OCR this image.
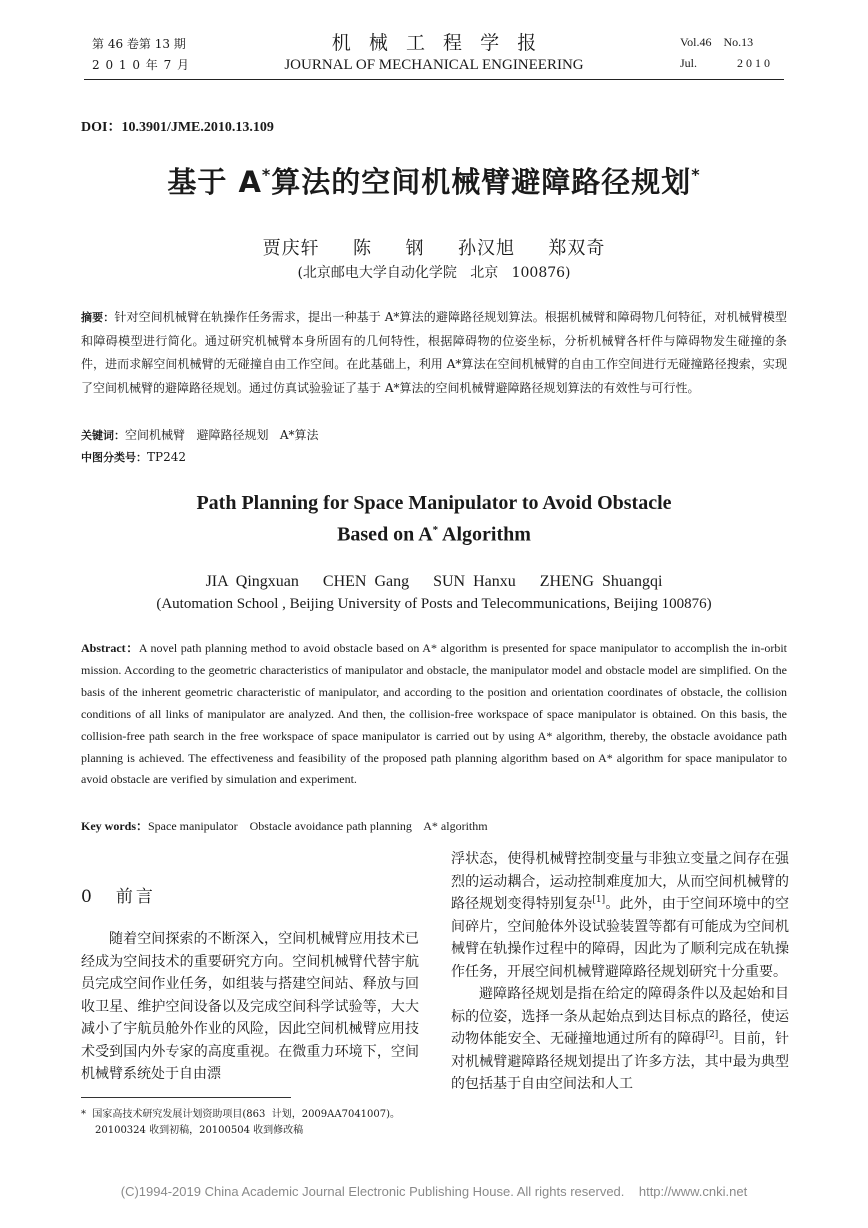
第 46 卷第 13 期
2 0 1 0 年 7 月
机   械   工   程   学   报
JOURNAL OF MECHANICAL ENGINEERING
Vol.46    No.13
Jul.	2 0 1 0
DOI：10.3901/JME.2010.13.109
基于 A*算法的空间机械臂避障路径规划*
贾庆轩  陈  钢  孙汉旭  郑双奇
(北京邮电大学自动化学院   北京   100876)
摘要：针对空间机械臂在轨操作任务需求，提出一种基于 A*算法的避障路径规划算法。根据机械臂和障碍物几何特征，对机械臂模型和障碍模型进行简化。通过研究机械臂本身所固有的几何特性，根据障碍物的位姿坐标，分析机械臂各杆件与障碍物发生碰撞的条件，进而求解空间机械臂的无碰撞自由工作空间。在此基础上，利用 A*算法在空间机械臂的自由工作空间进行无碰撞路径搜索，实现了空间机械臂的避障路径规划。通过仿真试验验证了基于 A*算法的空间机械臂避障路径规划算法的有效性与可行性。
关键词：空间机械臂   避障路径规划   A*算法
中图分类号：TP242
Path Planning for Space Manipulator to Avoid Obstacle
Based on A* Algorithm
JIA Qingxuan   CHEN Gang   SUN Hanxu   ZHENG Shuangqi
(Automation School , Beijing University of Posts and Telecommunications, Beijing 100876)
Abstract：A novel path planning method to avoid obstacle based on A* algorithm is presented for space manipulator to accomplish the in-orbit mission. According to the geometric characteristics of manipulator and obstacle, the manipulator model and obstacle model are simplified. On the basis of the inherent geometric characteristic of manipulator, and according to the position and orientation coordinates of obstacle, the collision conditions of all links of manipulator are analyzed. And then, the collision-free workspace of space manipulator is obtained. On this basis, the collision-free path search in the free workspace of space manipulator is carried out by using A* algorithm, thereby, the obstacle avoidance path planning is achieved. The effectiveness and feasibility of the proposed path planning algorithm based on A* algorithm for space manipulator to avoid obstacle are verified by simulation and experiment.
Key words：Space manipulator    Obstacle avoidance path planning    A* algorithm
0 前言

随着空间探索的不断深入，空间机械臂应用技术已经成为空间技术的重要研究方向。空间机械臂代替宇航员完成空间作业任务，如组装与搭建空间站、释放与回收卫星、维护空间设备以及完成空间科学试验等，大大减小了宇航员舱外作业的风险，因此空间机械臂应用技术受到国内外专家的高度重视。在微重力环境下，空间机械臂系统处于自由漂

浮状态，使得机械臂控制变量与非独立变量之间存在强烈的运动耦合，运动控制难度加大，从而空间机械臂的路径规划变得特别复杂[1]。此外，由于空间环境中的空间碎片，空间舱体外设试验装置等都有可能成为空间机械臂在轨操作过程中的障碍，因此为了顺利完成在轨操作任务，开展空间机械臂避障路径规划研究十分重要。

避障路径规划是指在给定的障碍条件以及起始和目标的位姿，选择一条从起始点到达目标点的路径，使运动物体能安全、无碰撞地通过所有的障碍[2]。目前，针对机械臂避障路径规划提出了许多方法，其中最为典型的包括基于自由空间法和人工

*  国家高技术研究发展计划资助项目(863  计划，2009AA7041007)。
20100324 收到初稿，20100504 收到修改稿
(C)1994-2019 China Academic Journal Electronic Publishing House. All rights reserved.    http://www.cnki.net
